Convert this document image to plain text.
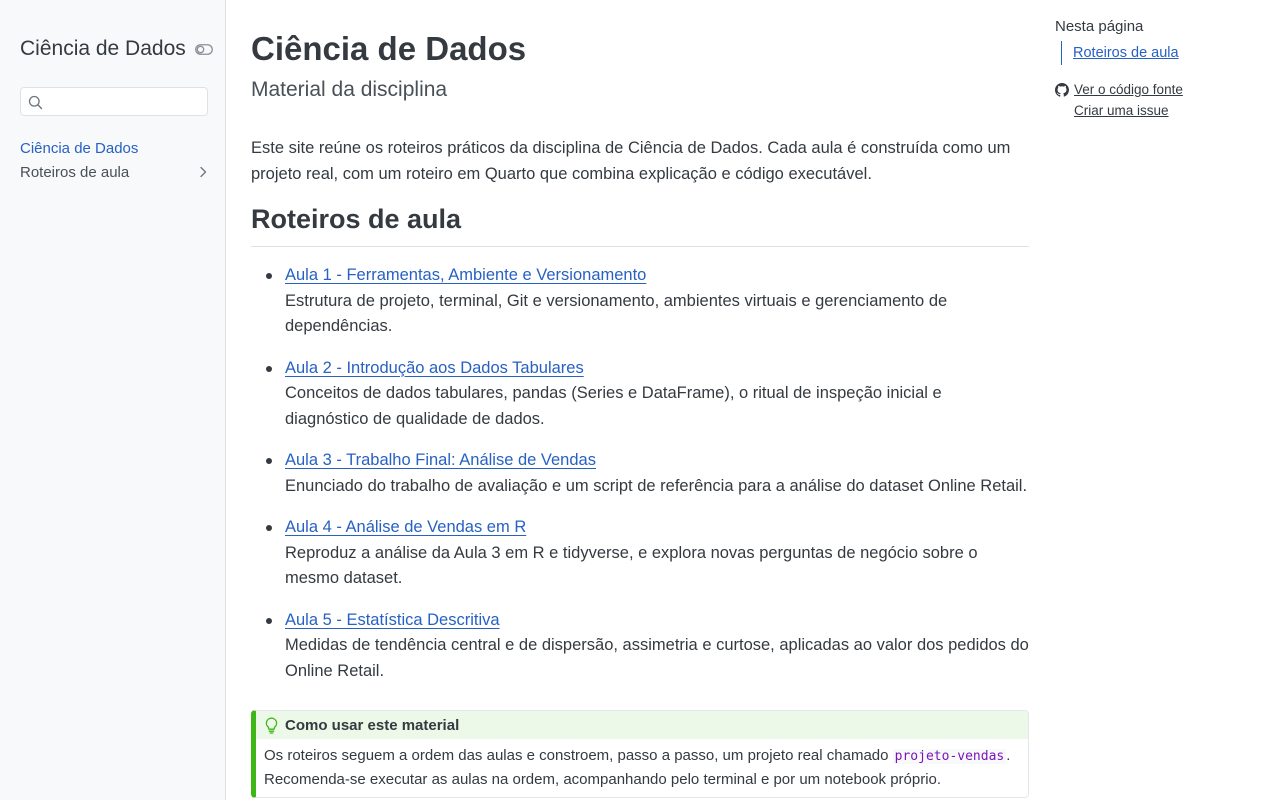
Ciência de Dados
Ciência de Dados
Roteiros de aula
Ciência de Dados

Material da disciplina

Este site reúne os roteiros práticos da disciplina de Ciência de Dados. Cada aula é construída como um projeto real, com um roteiro em Quarto que combina explicação e código executável.

Roteiros de aula
Aula 1 - Ferramentas, Ambiente e Versionamento
Estrutura de projeto, terminal, Git e versionamento, ambientes virtuais e gerenciamento de dependências.
Aula 2 - Introdução aos Dados Tabulares
Conceitos de dados tabulares, pandas (Series e DataFrame), o ritual de inspeção inicial e diagnóstico de qualidade de dados.
Aula 3 - Trabalho Final: Análise de Vendas
Enunciado do trabalho de avaliação e um script de referência para a análise do dataset Online Retail.
Aula 4 - Análise de Vendas em R
Reproduz a análise da Aula 3 em R e tidyverse, e explora novas perguntas de negócio sobre o mesmo dataset.
Aula 5 - Estatística Descritiva
Medidas de tendência central e de dispersão, assimetria e curtose, aplicadas ao valor dos pedidos do Online Retail.
Como usar este material
Os roteiros seguem a ordem das aulas e constroem, passo a passo, um projeto real chamado projeto-vendas . Recomenda-se executar as aulas na ordem, acompanhando pelo terminal e por um notebook próprio.
Nesta página
Roteiros de aula
Ver o código fonte
Criar uma issue
